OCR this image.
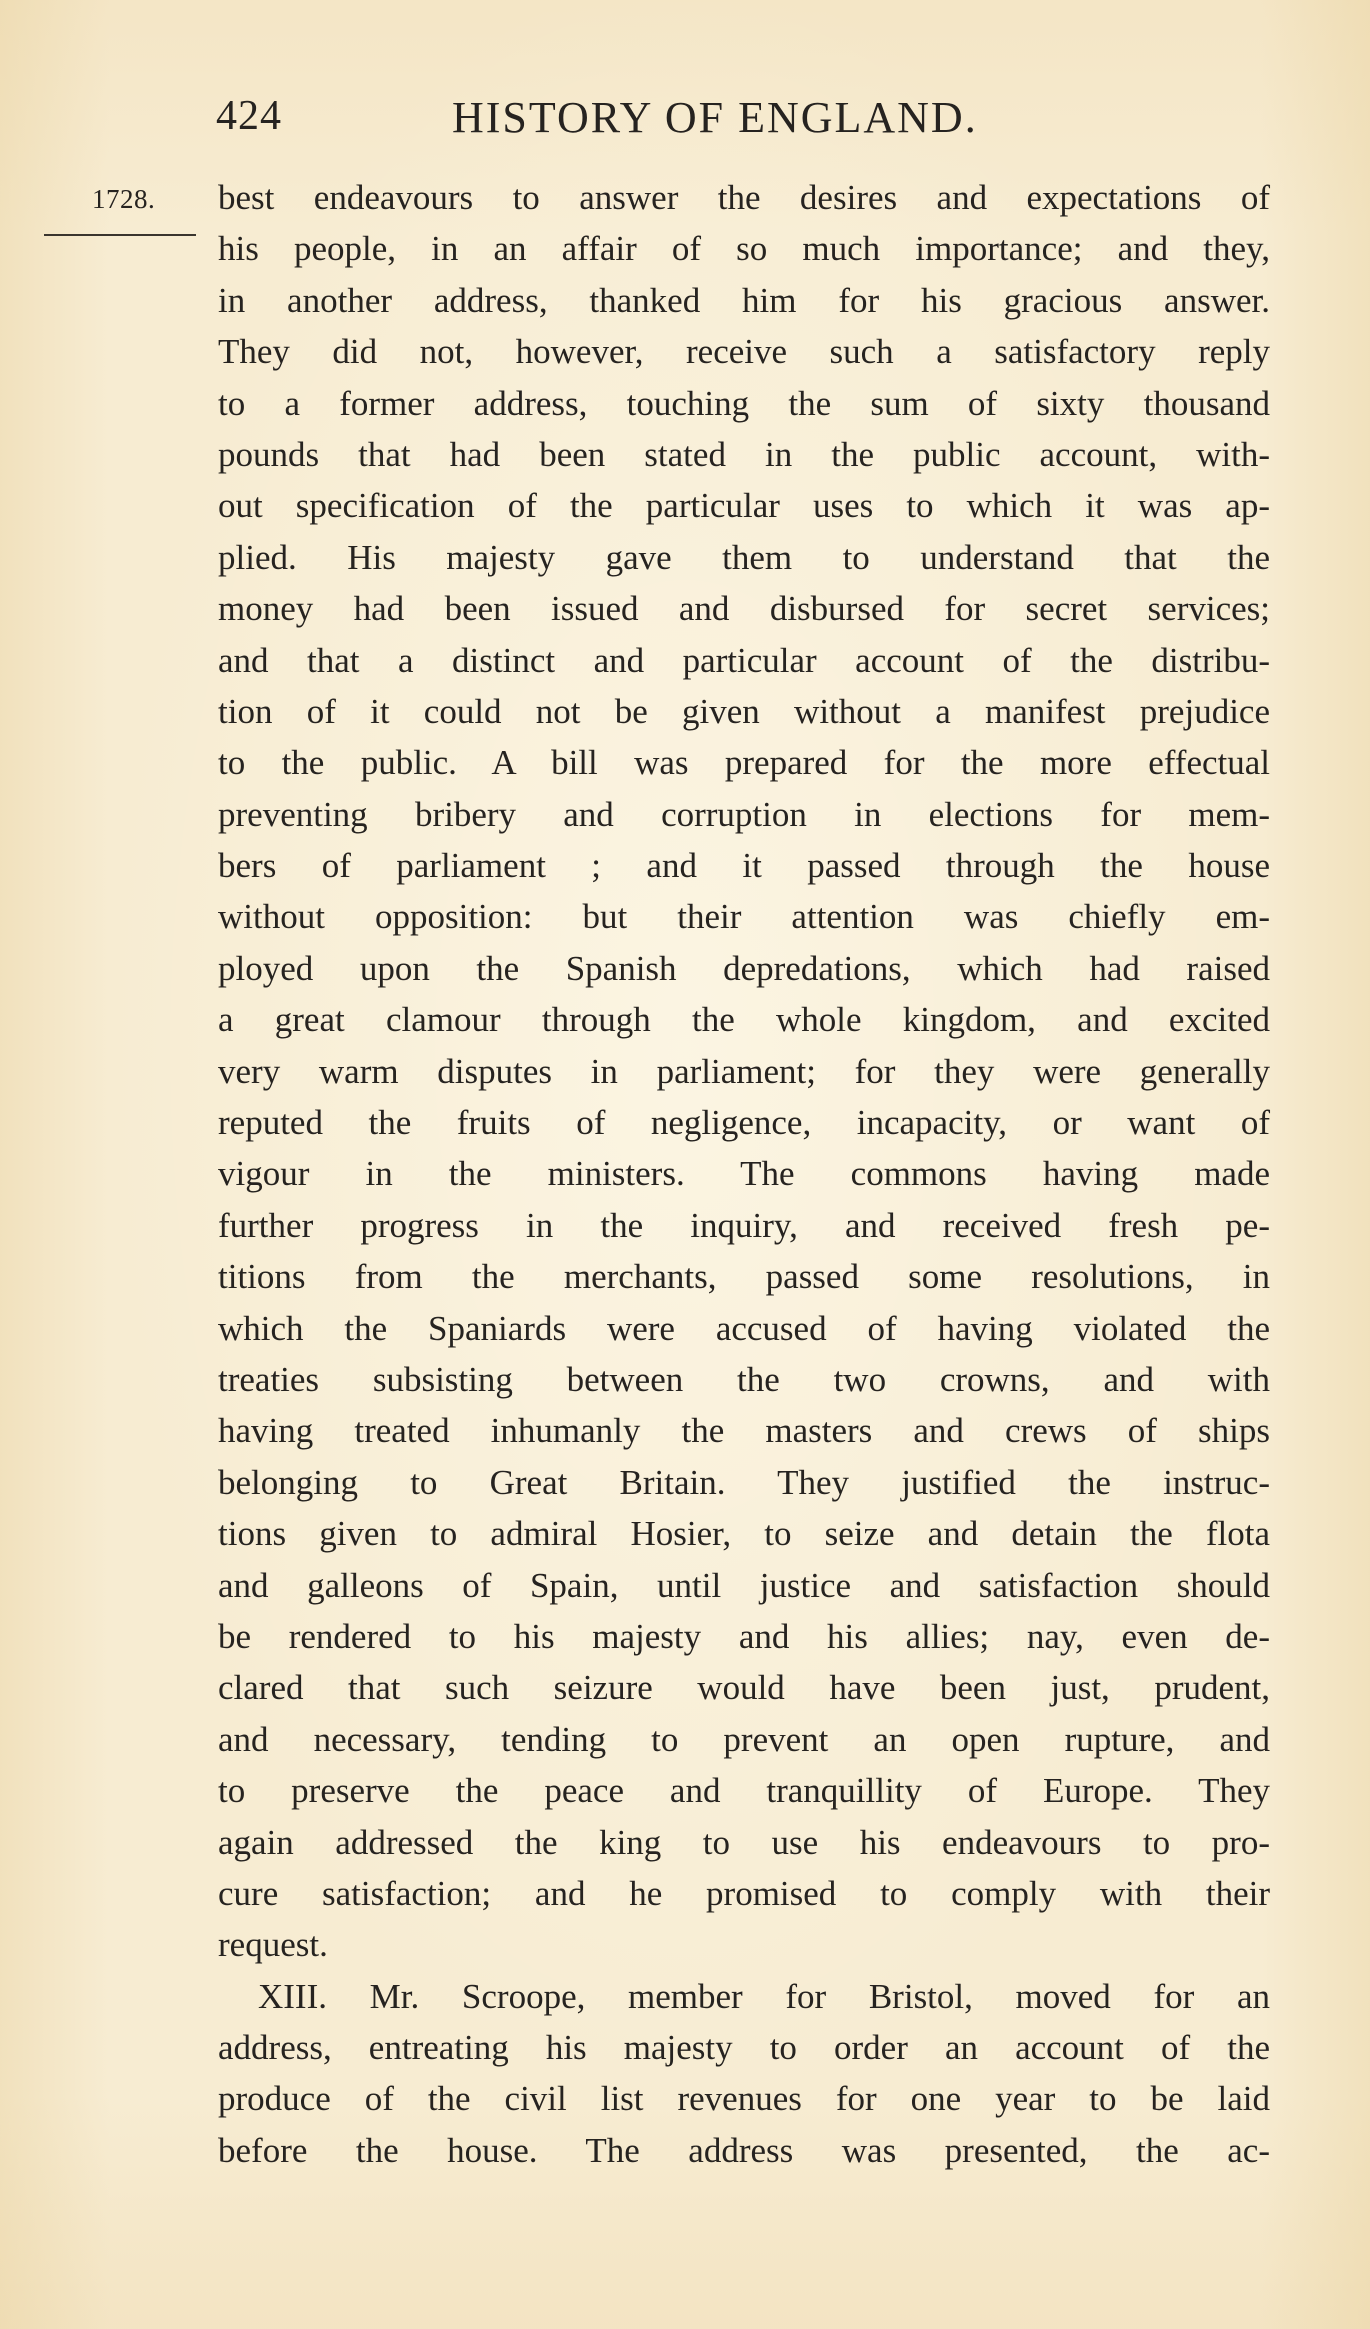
424	HISTORY OF ENGLAND.
1728. best endeavours to answer the desires and expectations of
his people, in an affair of so much importance; and they,
in another address, thanked him for his gracious answer.
They did not, however, receive such a satisfactory reply
to a former address, touching the sum of sixty thousand
pounds that had been stated in the public account, with-
out specification of the particular uses to which it was ap-
plied. His majesty gave them to understand that the
money had been issued and disbursed for secret services;
and that a distinct and particular account of the distribu-
tion of it could not be given without a manifest prejudice
to the public. A bill was prepared for the more effectual
preventing bribery and corruption in elections for mem-
bers of parliament ; and it passed through the house
without opposition: but their attention was chiefly em-
ployed upon the Spanish depredations, which had raised
a great clamour through the whole kingdom, and excited
very warm disputes in parliament; for they were generally
reputed the fruits of negligence, incapacity, or want of
vigour in the ministers. The commons having made
further progress in the inquiry, and received fresh pe-
titions from the merchants, passed some resolutions, in
which the Spaniards were accused of having violated the
treaties subsisting between the two crowns, and with
having treated inhumanly the masters and crews of ships
belonging to Great Britain. They justified the instruc-
tions given to admiral Hosier, to seize and detain the flota
and galleons of Spain, until justice and satisfaction should
be rendered to his majesty and his allies; nay, even de-
clared that such seizure would have been just, prudent,
and necessary, tending to prevent an open rupture, and
to preserve the peace and tranquillity of Europe. They
again addressed the king to use his endeavours to pro-
cure satisfaction; and he promised to comply with their
request.
XIII. Mr. Scroope, member for Bristol, moved for an
address, entreating his majesty to order an account of the
produce of the civil list revenues for one year to be laid
before the house. The address was presented, the ac-
